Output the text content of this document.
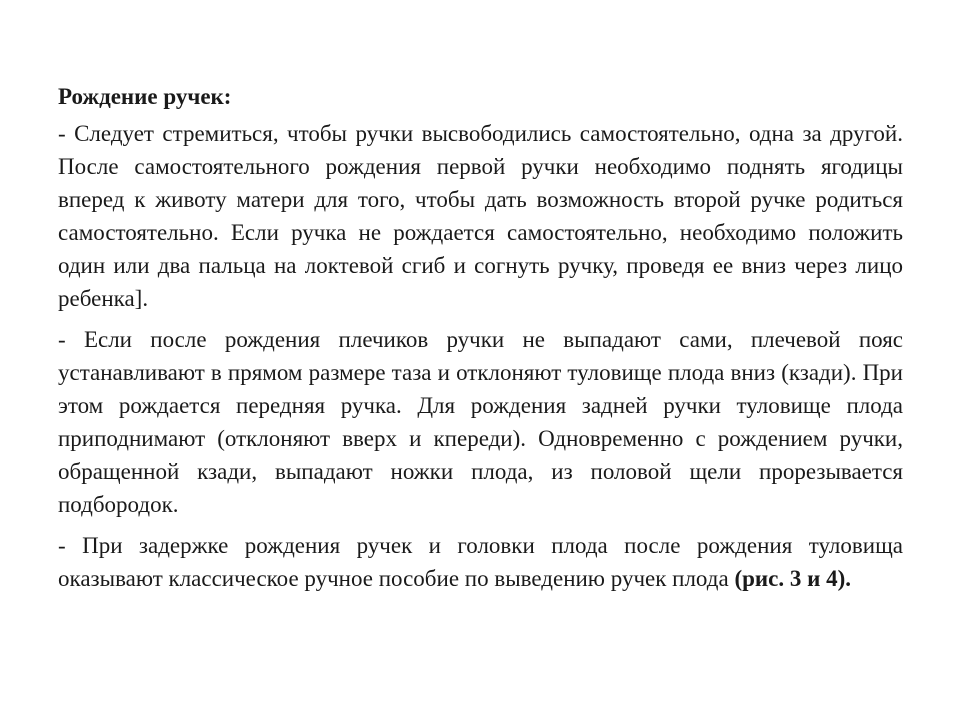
Рождение ручек:

- Следует стремиться, чтобы ручки высвободились самостоятельно, одна за другой. После самостоятельного рождения первой ручки необходимо поднять ягодицы вперед к животу матери для того, чтобы дать возможность второй ручке родиться самостоятельно. Если ручка не рождается самостоятельно, необходимо положить один или два пальца на локтевой сгиб и согнуть ручку, проведя ее вниз через лицо ребенка].

- Если после рождения плечиков ручки не выпадают сами, плечевой пояс устанавливают в прямом размере таза и отклоняют туловище плода вниз (кзади). При этом рождается передняя ручка. Для рождения задней ручки туловище плода приподнимают (отклоняют вверх и кпереди). Одновременно с рождением ручки, обращенной кзади, выпадают ножки плода, из половой щели прорезывается подбородок.

- При задержке рождения ручек и головки плода после рождения туловища оказывают классическое ручное пособие по выведению ручек плода (рис. 3 и 4).
